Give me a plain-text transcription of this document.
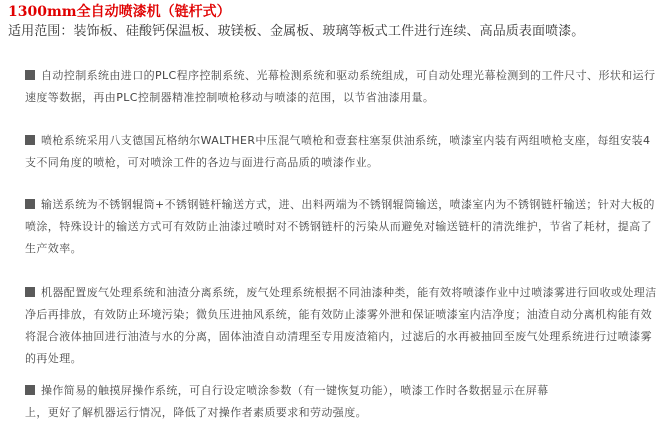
1300mm全自动喷漆机（链杆式）
适用范围：装饰板、硅酸钙保温板、玻镁板、金属板、玻璃等板式工件进行连续、高品质表面喷漆。
自动控制系统由进口的PLC程序控制系统、光幕检测系统和驱动系统组成，可自动处理光幕检测到的工件尺寸、形状和运行速度等数据，再由PLC控制器精准控制喷枪移动与喷漆的范围，以节省油漆用量。
喷枪系统采用八支德国瓦格纳尔WALTHER中压混气喷枪和壹套柱塞泵供油系统，喷漆室内装有两组喷枪支座，每组安装4支不同角度的喷枪，可对喷涂工件的各边与面进行高品质的喷漆作业。
输送系统为不锈钢辊筒+不锈钢链杆输送方式，进、出料两端为不锈钢辊筒输送，喷漆室内为不锈钢链杆输送；针对大板的喷涂，特殊设计的输送方式可有效防止油漆过喷时对不锈钢链杆的污染从而避免对输送链杆的清洗维护，节省了耗材，提高了生产效率。
机器配置废气处理系统和油渣分离系统，废气处理系统根据不同油漆种类，能有效将喷漆作业中过喷漆雾进行回收或处理洁净后再排放，有效防止环境污染；微负压进抽风系统，能有效防止漆雾外泄和保证喷漆室内洁净度；油渣自动分离机构能有效将混合液体抽回进行油渣与水的分离，固体油渣自动清理至专用废渣箱内，过滤后的水再被抽回至废气处理系统进行过喷漆雾的再处理。
操作简易的触摸屏操作系统，可自行设定喷涂参数（有一键恢复功能），喷漆工作时各数据显示在屏幕上，更好了解机器运行情况，降低了对操作者素质要求和劳动强度。
